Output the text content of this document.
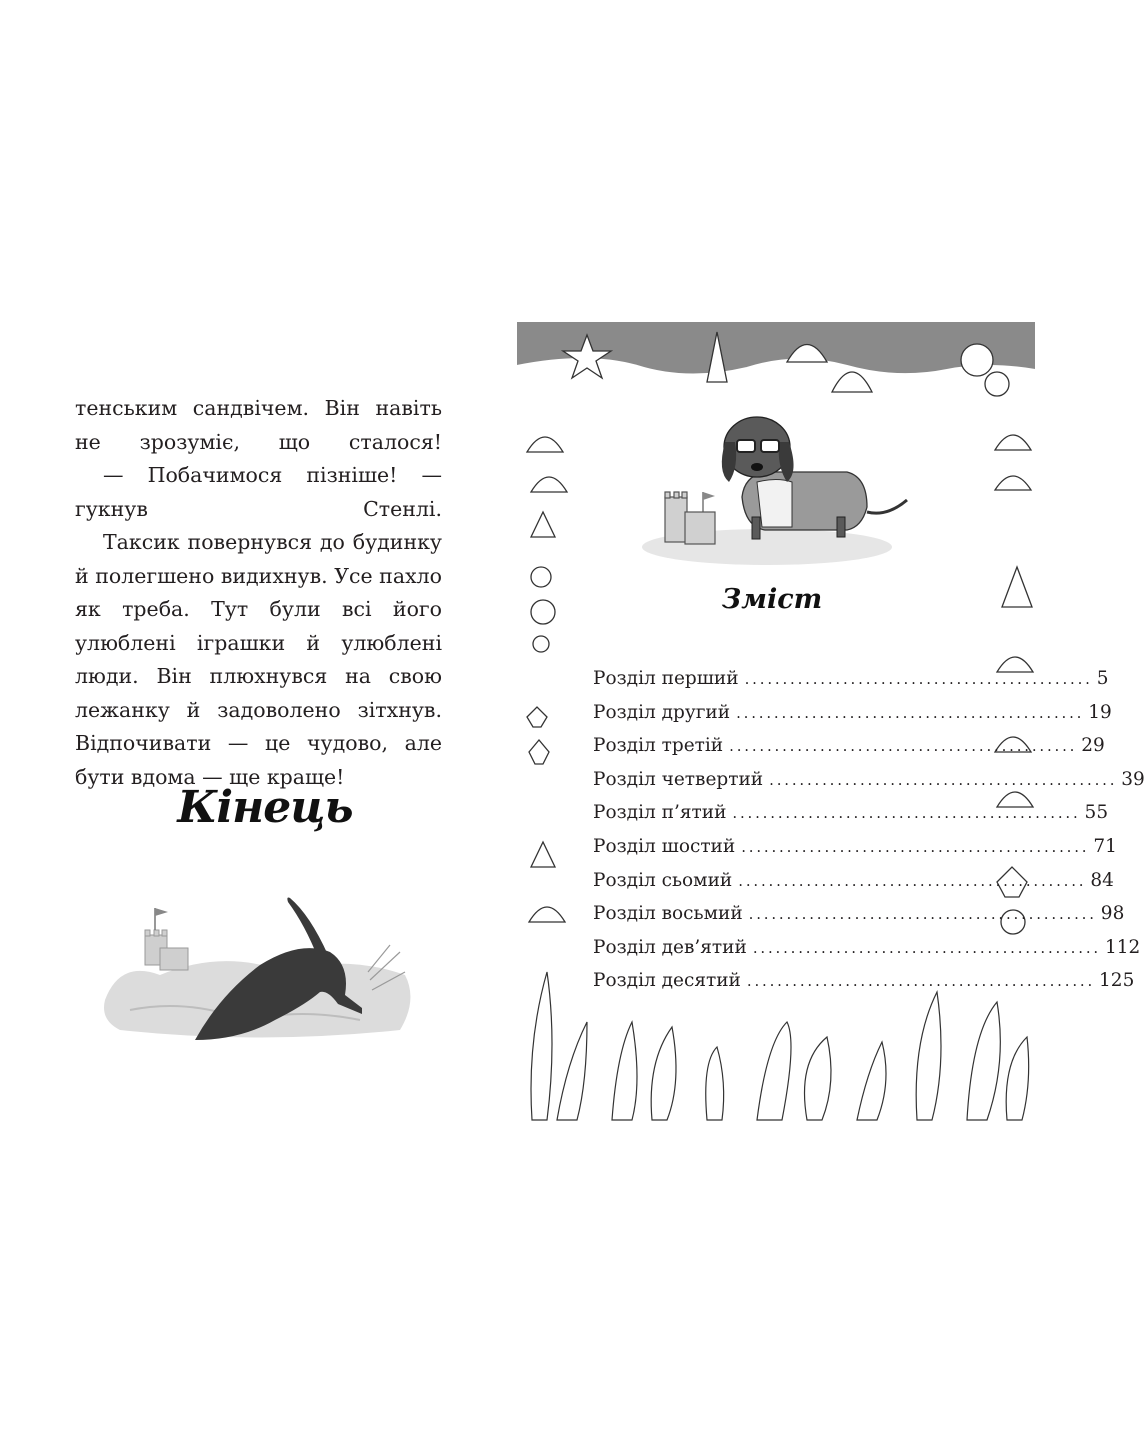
тенським сандвічем. Він навіть не зрозуміє, що сталося!

— Побачимося пізніше! — гукнув Стенлі.

Таксик повернувся до будинку й полегшено видихнув. Усе пахло як треба. Тут були всі його улюблені іграшки й улюблені люди. Він плюхнувся на свою лежанку й задоволено зітхнув. Відпочивати — це чудово, але бути вдома — ще краще!

Кінець
Зміст
Розділ перший .............................................. 5
Розділ другий .............................................. 19
Розділ третій .............................................. 29
Розділ четвертий .............................................. 39
Розділ п’ятий .............................................. 55
Розділ шостий .............................................. 71
Розділ сьомий .............................................. 84
Розділ восьмий .............................................. 98
Розділ дев’ятий .............................................. 112
Розділ десятий .............................................. 125
